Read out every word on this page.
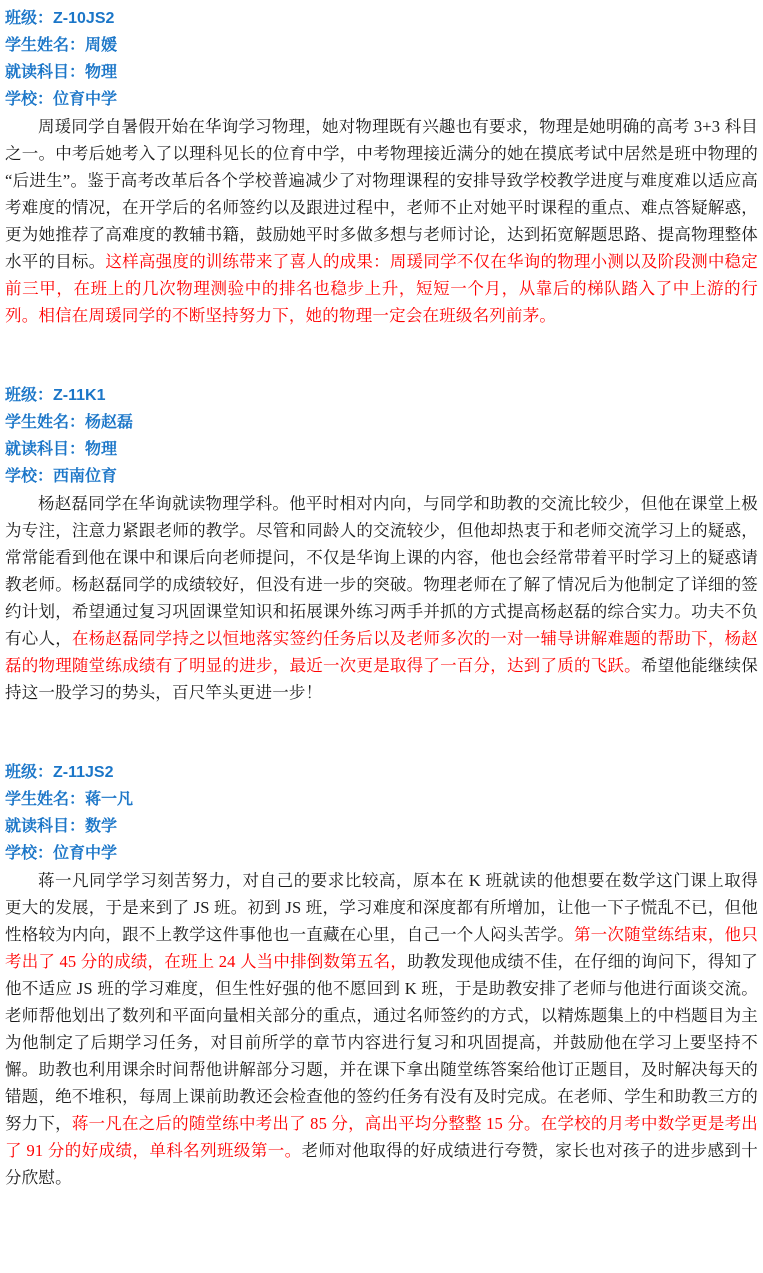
班级：Z-10JS2
学生姓名：周媛
就读科目：物理
学校：位育中学

周瑗同学自暑假开始在华询学习物理，她对物理既有兴趣也有要求，物理是她明确的高考 3+3 科目之一。中考后她考入了以理科见长的位育中学，中考物理接近满分的她在摸底考试中居然是班中物理的“后进生”。鉴于高考改革后各个学校普遍减少了对物理课程的安排导致学校教学进度与难度难以适应高考难度的情况，在开学后的名师签约以及跟进过程中，老师不止对她平时课程的重点、难点答疑解惑，更为她推荐了高难度的教辅书籍，鼓励她平时多做多想与老师讨论，达到拓宽解题思路、提高物理整体水平的目标。这样高强度的训练带来了喜人的成果：周瑗同学不仅在华询的物理小测以及阶段测中稳定前三甲，在班上的几次物理测验中的排名也稳步上升，短短一个月，从靠后的梯队踏入了中上游的行列。相信在周瑗同学的不断坚持努力下，她的物理一定会在班级名列前茅。

班级：Z-11K1
学生姓名：杨赵磊
就读科目：物理
学校：西南位育

杨赵磊同学在华询就读物理学科。他平时相对内向，与同学和助教的交流比较少，但他在课堂上极为专注，注意力紧跟老师的教学。尽管和同龄人的交流较少，但他却热衷于和老师交流学习上的疑惑，常常能看到他在课中和课后向老师提问，不仅是华询上课的内容，他也会经常带着平时学习上的疑惑请教老师。杨赵磊同学的成绩较好，但没有进一步的突破。物理老师在了解了情况后为他制定了详细的签约计划，希望通过复习巩固课堂知识和拓展课外练习两手并抓的方式提高杨赵磊的综合实力。功夫不负有心人，在杨赵磊同学持之以恒地落实签约任务后以及老师多次的一对一辅导讲解难题的帮助下，杨赵磊的物理随堂练成绩有了明显的进步，最近一次更是取得了一百分，达到了质的飞跃。希望他能继续保持这一股学习的势头，百尺竿头更进一步！

班级：Z-11JS2
学生姓名：蒋一凡
就读科目：数学
学校：位育中学

蒋一凡同学学习刻苦努力，对自己的要求比较高，原本在 K 班就读的他想要在数学这门课上取得更大的发展，于是来到了 JS 班。初到 JS 班，学习难度和深度都有所增加，让他一下子慌乱不已，但他性格较为内向，跟不上教学这件事他也一直藏在心里，自己一个人闷头苦学。第一次随堂练结束，他只考出了 45 分的成绩，在班上 24 人当中排倒数第五名，助教发现他成绩不佳，在仔细的询问下，得知了他不适应 JS 班的学习难度，但生性好强的他不愿回到 K 班，于是助教安排了老师与他进行面谈交流。老师帮他划出了数列和平面向量相关部分的重点，通过名师签约的方式，以精炼题集上的中档题目为主为他制定了后期学习任务，对目前所学的章节内容进行复习和巩固提高，并鼓励他在学习上要坚持不懈。助教也利用课余时间帮他讲解部分习题，并在课下拿出随堂练答案给他订正题目，及时解决每天的错题，绝不堆积，每周上课前助教还会检查他的签约任务有没有及时完成。在老师、学生和助教三方的努力下，蒋一凡在之后的随堂练中考出了 85 分，高出平均分整整 15 分。在学校的月考中数学更是考出了 91 分的好成绩，单科名列班级第一。老师对他取得的好成绩进行夸赞，家长也对孩子的进步感到十分欣慰。
